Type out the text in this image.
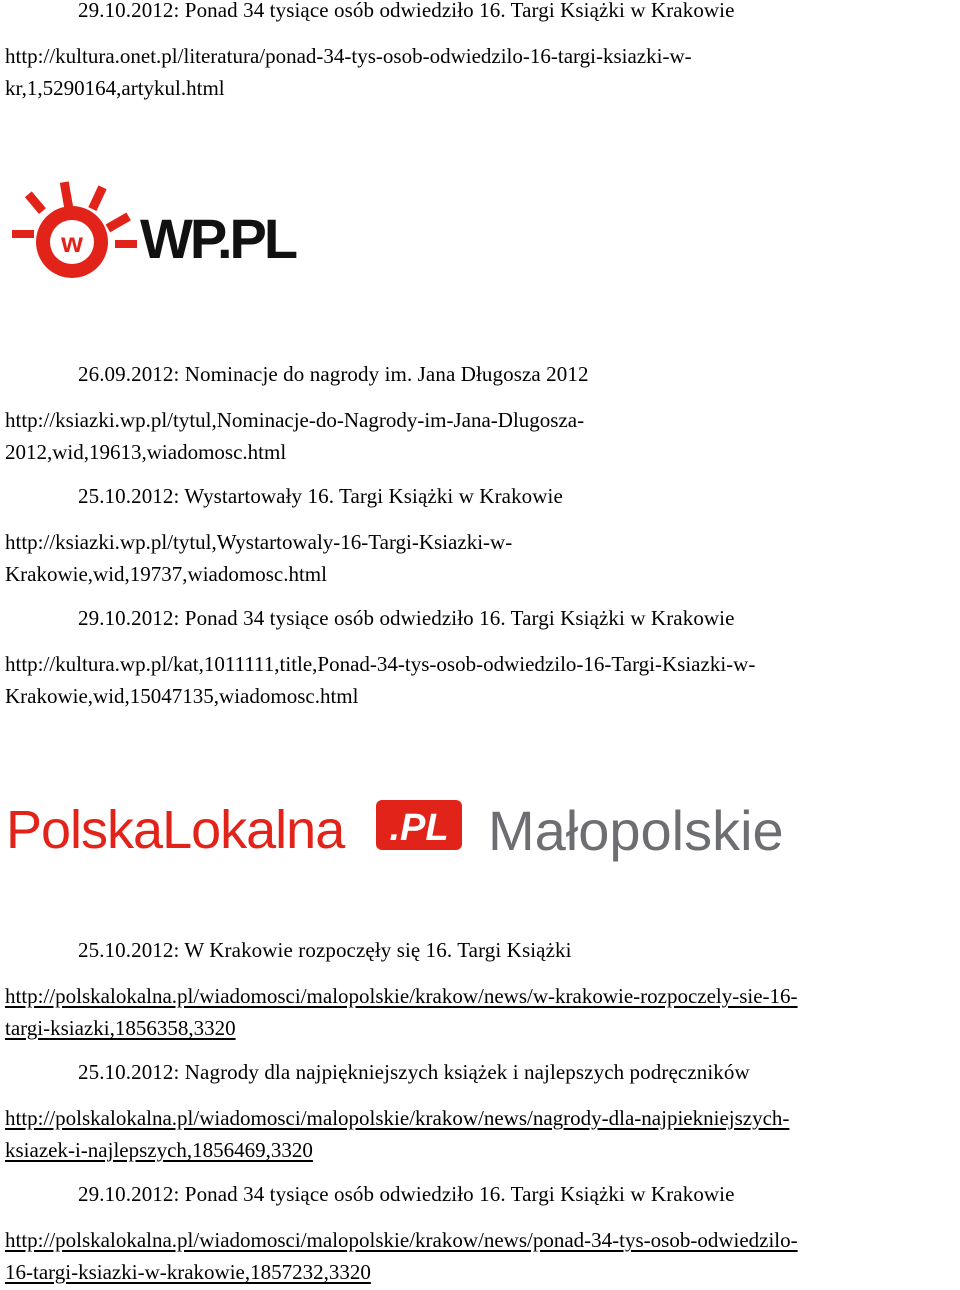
29.10.2012: Ponad 34 tysiące osób odwiedziło 16. Targi Książki w Krakowie
http://kultura.onet.pl/literatura/ponad-34-tys-osob-odwiedzilo-16-targi-ksiazki-w-
kr,1,5290164,artykul.html
w WP.PL
26.09.2012: Nominacje do nagrody im. Jana Długosza 2012
http://ksiazki.wp.pl/tytul,Nominacje-do-Nagrody-im-Jana-Dlugosza-
2012,wid,19613,wiadomosc.html
25.10.2012: Wystartowały 16. Targi Książki w Krakowie
http://ksiazki.wp.pl/tytul,Wystartowaly-16-Targi-Ksiazki-w-
Krakowie,wid,19737,wiadomosc.html
29.10.2012: Ponad 34 tysiące osób odwiedziło 16. Targi Książki w Krakowie
http://kultura.wp.pl/kat,1011111,title,Ponad-34-tys-osob-odwiedzilo-16-Targi-Ksiazki-w-
Krakowie,wid,15047135,wiadomosc.html
PolskaLokalna .PL Małopolskie
25.10.2012: W Krakowie rozpoczęły się 16. Targi Książki
http://polskalokalna.pl/wiadomosci/malopolskie/krakow/news/w-krakowie-rozpoczely-sie-16-
targi-ksiazki,1856358,3320
25.10.2012: Nagrody dla najpiękniejszych książek i najlepszych podręczników
http://polskalokalna.pl/wiadomosci/malopolskie/krakow/news/nagrody-dla-najpiekniejszych-
ksiazek-i-najlepszych,1856469,3320
29.10.2012: Ponad 34 tysiące osób odwiedziło 16. Targi Książki w Krakowie
http://polskalokalna.pl/wiadomosci/malopolskie/krakow/news/ponad-34-tys-osob-odwiedzilo-
16-targi-ksiazki-w-krakowie,1857232,3320
